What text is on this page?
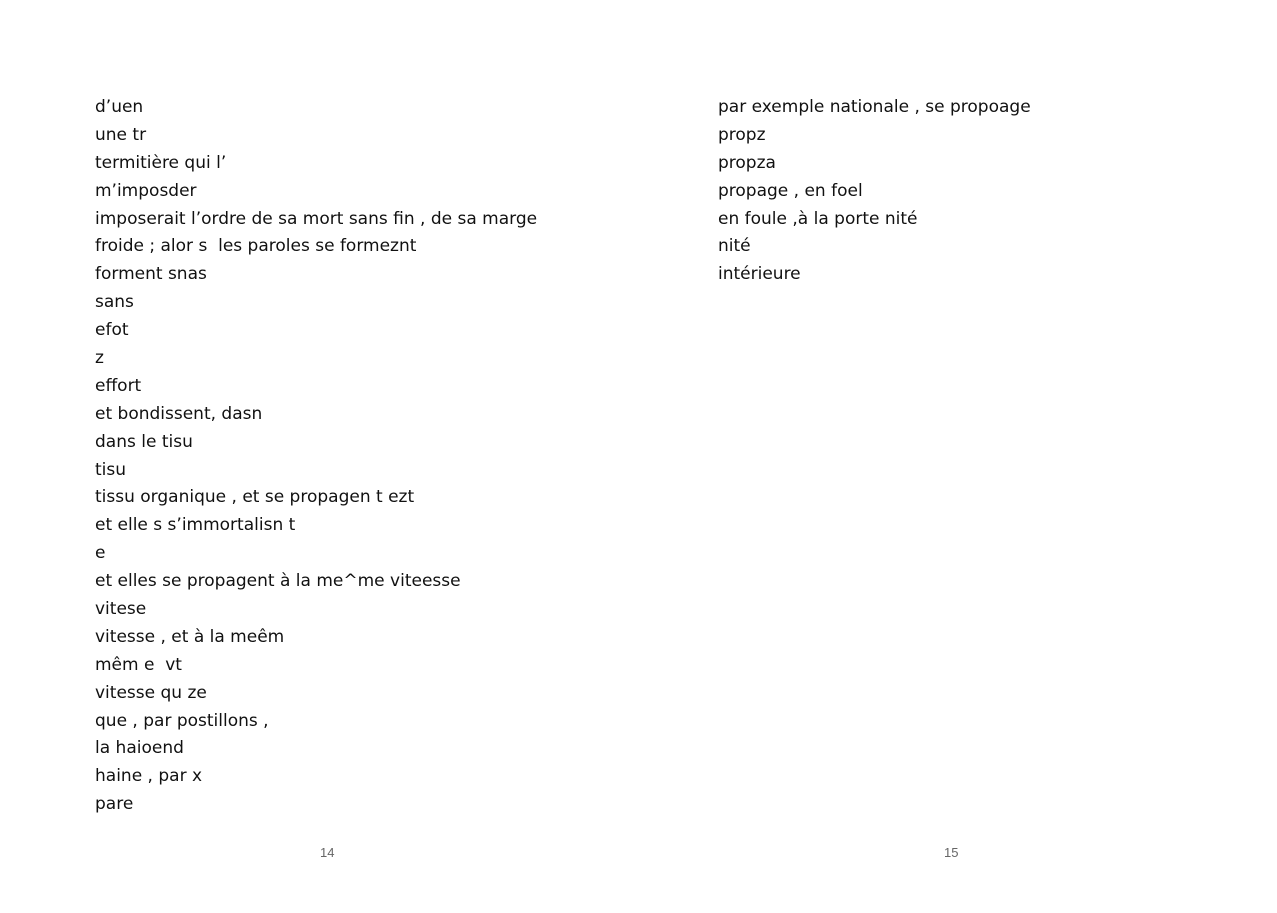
d’uen
une tr
termitière qui l’
m’imposder
imposerait l’ordre de sa mort sans fin , de sa marge
froide ; alor s  les paroles se formeznt
forment snas
sans
efot
z
effort
et bondissent, dasn
dans le tisu
tisu
tissu organique , et se propagen t ezt
et elle s s’immortalisn t
e
et elles se propagent à la me^me viteesse
vitese
vitesse , et à la meêm
mêm e  vt
vitesse qu ze
que , par postillons ,
la haioend
haine , par x
pare
14
par exemple nationale , se propoage
propz
propza
propage , en foel
en foule ,à la porte nité
nité
intérieure
15
